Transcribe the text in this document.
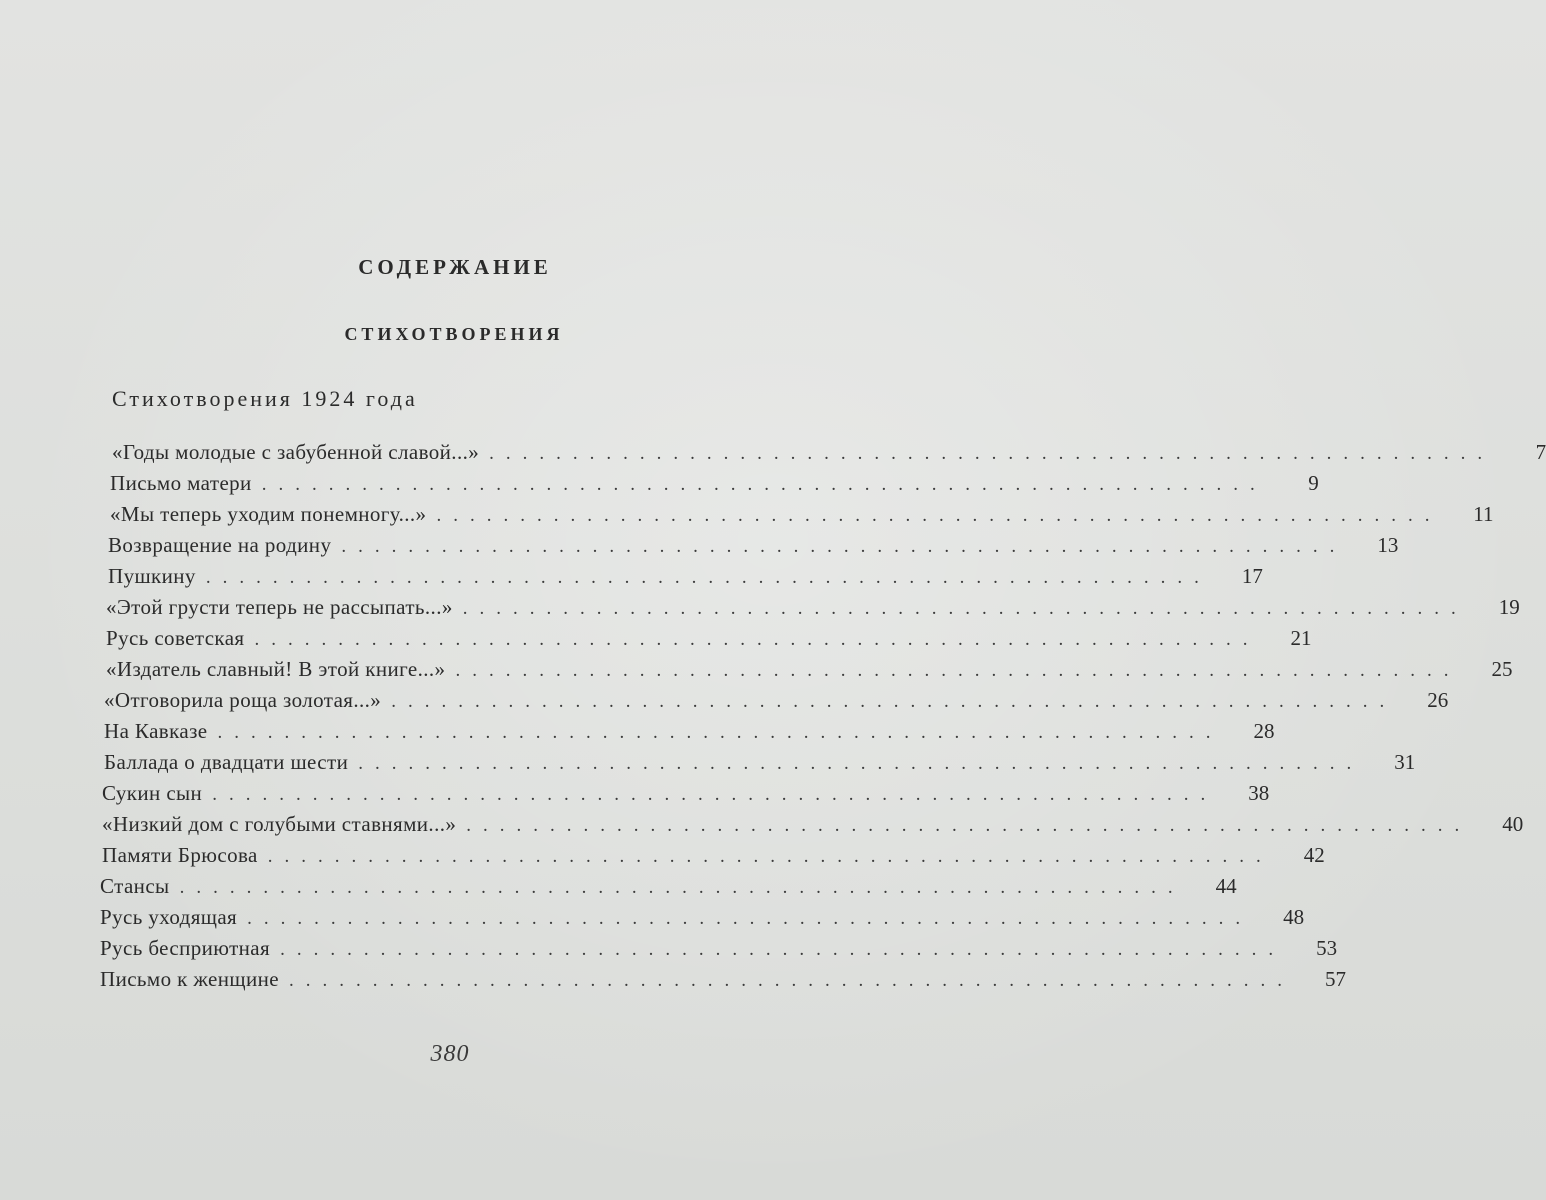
СОДЕРЖАНИЕ
СТИХОТВОРЕНИЯ
Стихотворения 1924 года
«Годы молодые с забубенной славой...» ............................................................	7
Письмо матери ............................................................	9
«Мы теперь уходим понемногу...» ............................................................	11
Возвращение на родину ............................................................	13
Пушкину ............................................................	17
«Этой грусти теперь не рассыпать...» ............................................................	19
Русь советская ............................................................	21
«Издатель славный! В этой книге...» ............................................................	25
«Отговорила роща золотая...» ............................................................	26
На Кавказе ............................................................	28
Баллада о двадцати шести ............................................................	31
Сукин сын ............................................................	38
«Низкий дом с голубыми ставнями...» ............................................................	40
Памяти Брюсова ............................................................	42
Стансы ............................................................	44
Русь уходящая ............................................................	48
Русь бесприютная ............................................................	53
Письмо к женщине ............................................................	57
380
